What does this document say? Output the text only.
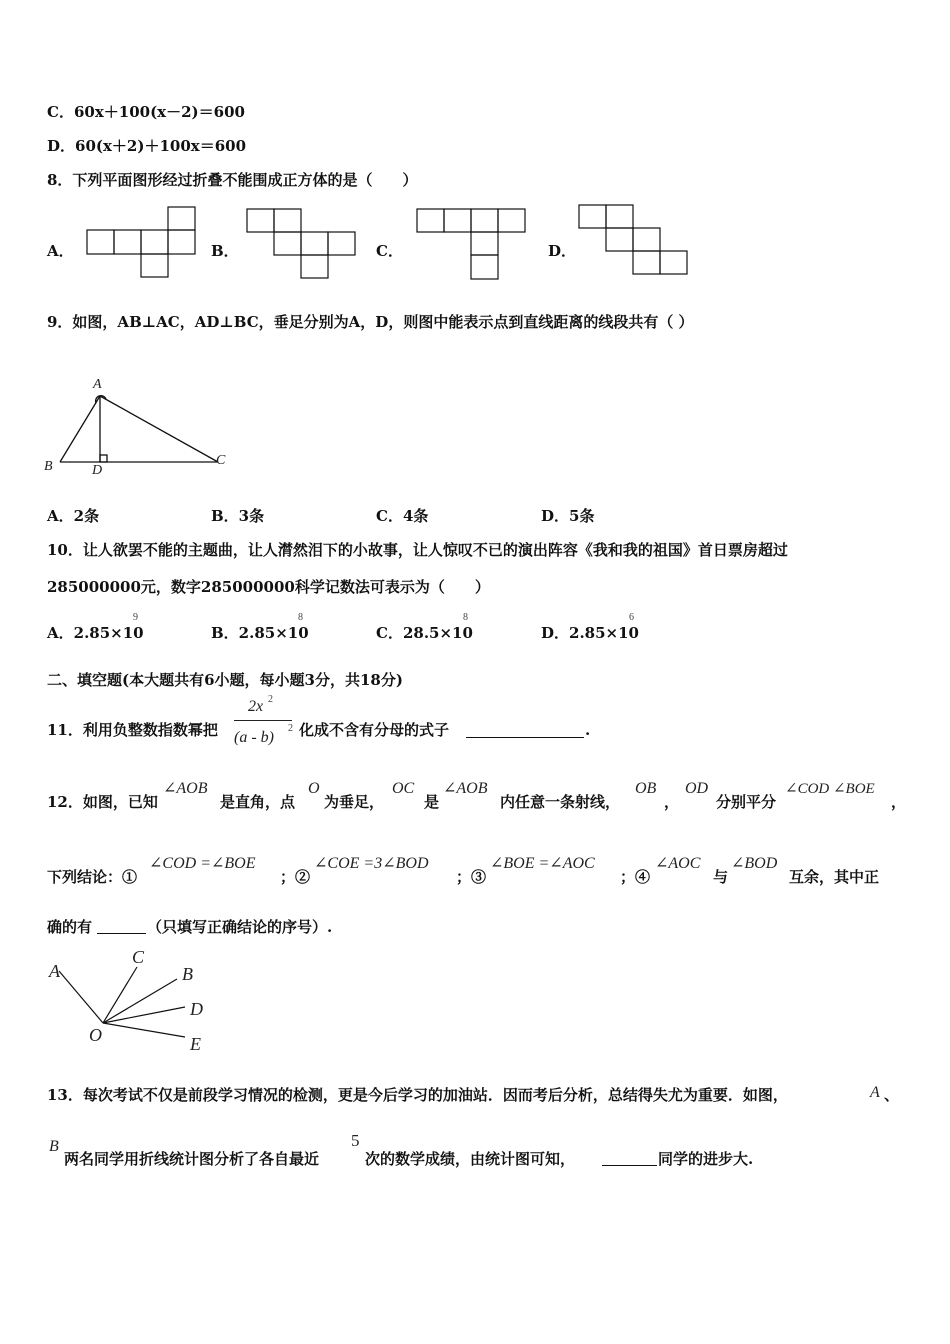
C．60x＋100(x－2)＝600
D．60(x＋2)＋100x＝600
8．下列平面图形经过折叠不能围成正方体的是（　　）
A．	B．	C．	D．
9．如图，AB⊥AC，AD⊥BC，垂足分别为A，D，则图中能表示点到直线距离的线段共有（ ）
A
B	C
D
A．2条	B．3条	C．4条	D．5条
10．让人欲罢不能的主题曲，让人潸然泪下的小故事，让人惊叹不已的演出阵容《我和我的祖国》首日票房超过
285000000元，数字285000000科学记数法可表示为（　　）
A．2.85×10
9
B．2.85×10
8
C．28.5×10
8
D．2.85×10
6
二、填空题(本大题共有6小题，每小题3分，共18分)
11．利用负整数指数幂把
2x 2
(a - b)
2 化成不含有分母的式子	.
12．如图，已知
∠AOB
是直角，点
O
为垂足，
OC
是
∠AOB
内任意一条射线，
OB
，
OD
分别平分
∠COD ∠BOE
，
下列结论：①
∠COD =∠BOE
；②
∠COE =3∠BOD
；③
∠BOE =∠AOC
；④
∠AOC
与
∠BOD
互余，其中正
确的有	（只填写正确结论的序号）.
A
C
B
D
E
O
13．每次考试不仅是前段学习情况的检测，更是今后学习的加油站．因而考后分析，总结得失尤为重要．如图，	A 、
B
两名同学用折线统计图分析了各自最近
5
次的数学成绩，由统计图可知，	同学的进步大.
